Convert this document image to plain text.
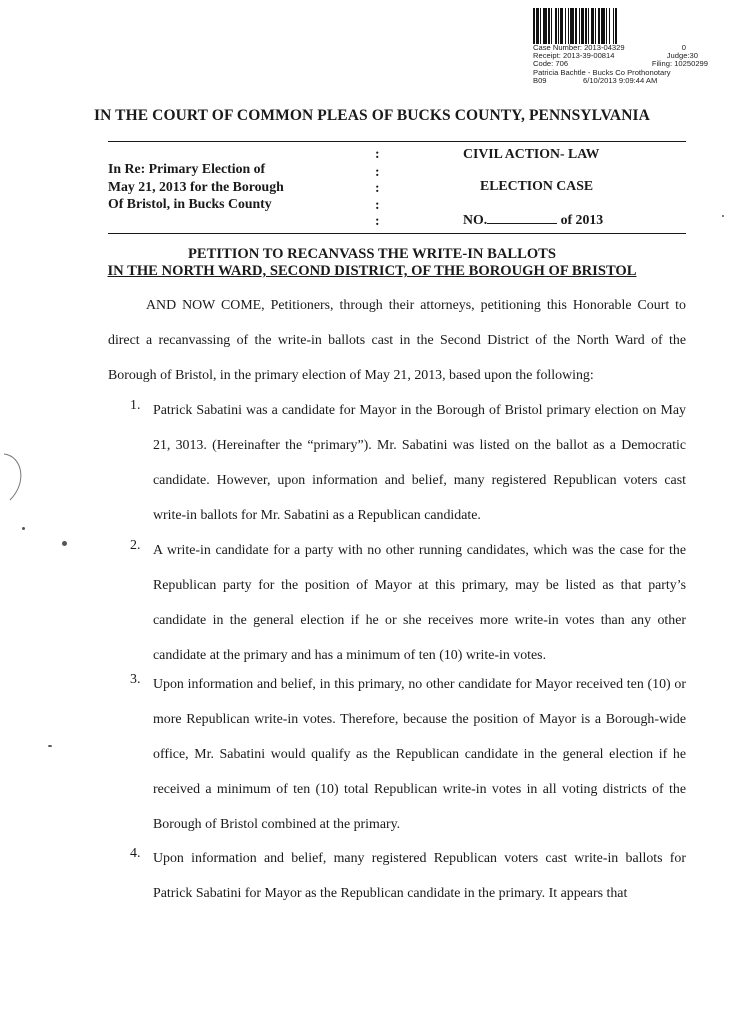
Case Number: 2013-04329	0
Receipt: 2013-39-00814	Judge:30
Code: 706	Filing: 10250299
Patricia Bachtle - Bucks Co Prothonotary
B09	6/10/2013 9:09:44 AM
IN THE COURT OF COMMON PLEAS OF BUCKS COUNTY, PENNSYLVANIA
In Re: Primary Election of
May 21, 2013 for the Borough
Of Bristol, in Bucks County
:
:
:
:
:
CIVIL ACTION- LAW
ELECTION CASE
NO.	of 2013
PETITION TO RECANVASS THE WRITE-IN BALLOTS
IN THE NORTH WARD, SECOND DISTRICT, OF THE BOROUGH OF BRISTOL
AND NOW COME, Petitioners, through their attorneys, petitioning this Honorable Court to direct a recanvassing of the write-in ballots cast in the Second District of the North Ward of the Borough of Bristol, in the primary election of May 21, 2013, based upon the following:
1. Patrick Sabatini was a candidate for Mayor in the Borough of Bristol primary election on May 21, 3013. (Hereinafter the “primary”). Mr. Sabatini was listed on the ballot as a Democratic candidate. However, upon information and belief, many registered Republican voters cast write-in ballots for Mr. Sabatini as a Republican candidate.
2. A write-in candidate for a party with no other running candidates, which was the case for the Republican party for the position of Mayor at this primary, may be listed as that party’s candidate in the general election if he or she receives more write-in votes than any other candidate at the primary and has a minimum of ten (10) write-in votes.
3. Upon information and belief, in this primary, no other candidate for Mayor received ten (10) or more Republican write-in votes. Therefore, because the position of Mayor is a Borough-wide office, Mr. Sabatini would qualify as the Republican candidate in the general election if he received a minimum of ten (10) total Republican write-in votes in all voting districts of the Borough of Bristol combined at the primary.
4. Upon information and belief, many registered Republican voters cast write-in ballots for Patrick Sabatini for Mayor as the Republican candidate in the primary. It appears that
